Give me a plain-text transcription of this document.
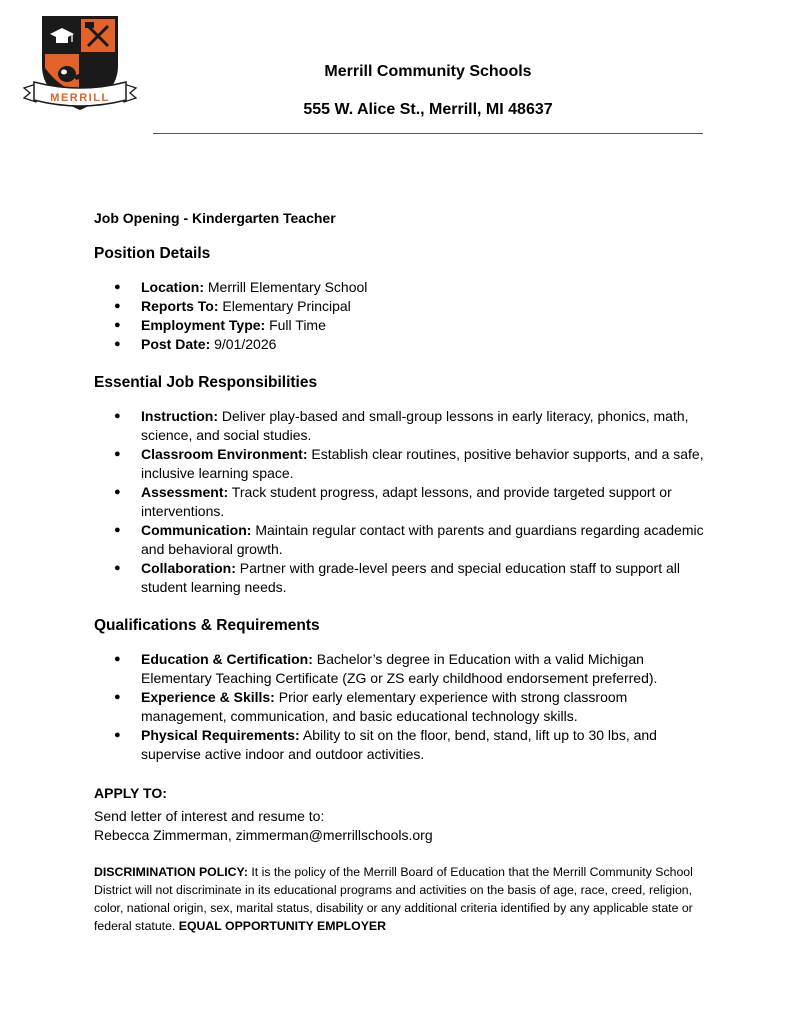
MERRILL
Merrill Community Schools
555 W. Alice St., Merrill, MI 48637

Job Opening - Kindergarten Teacher

Position Details
● Location: Merrill Elementary School
● Reports To: Elementary Principal
● Employment Type: Full Time
● Post Date: 9/01/2026
Essential Job Responsibilities
● Instruction: Deliver play-based and small-group lessons in early literacy, phonics, math, science, and social studies.
● Classroom Environment: Establish clear routines, positive behavior supports, and a safe, inclusive learning space.
● Assessment: Track student progress, adapt lessons, and provide targeted support or interventions.
● Communication: Maintain regular contact with parents and guardians regarding academic and behavioral growth.
● Collaboration: Partner with grade-level peers and special education staff to support all student learning needs.
Qualifications & Requirements
● Education & Certification: Bachelor’s degree in Education with a valid Michigan Elementary Teaching Certificate (ZG or ZS early childhood endorsement preferred).
● Experience & Skills: Prior early elementary experience with strong classroom management, communication, and basic educational technology skills.
● Physical Requirements: Ability to sit on the floor, bend, stand, lift up to 30 lbs, and supervise active indoor and outdoor activities.

APPLY TO:

Send letter of interest and resume to:

Rebecca Zimmerman, zimmerman@merrillschools.org

DISCRIMINATION POLICY: It is the policy of the Merrill Board of Education that the Merrill Community School District will not discriminate in its educational programs and activities on the basis of age, race, creed, religion, color, national origin, sex, marital status, disability or any additional criteria identified by any applicable state or federal statute. EQUAL OPPORTUNITY EMPLOYER
